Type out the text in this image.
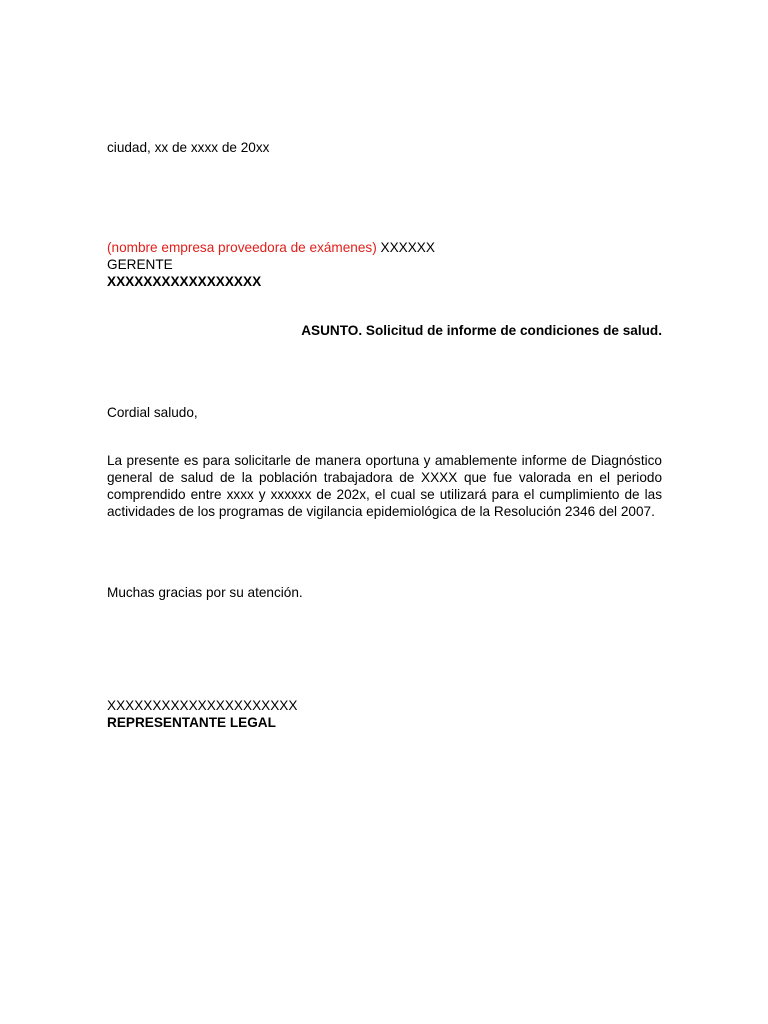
ciudad, xx de xxxx de 20xx
(nombre empresa proveedora de exámenes) XXXXXX
GERENTE
XXXXXXXXXXXXXXXXX
ASUNTO. Solicitud de informe de condiciones de salud.
Cordial saludo,
La presente es para solicitarle de manera oportuna y amablemente informe de Diagnóstico general de salud de la población trabajadora de XXXX que fue valorada en el periodo comprendido entre xxxx y xxxxxx de 202x, el cual se utilizará para el cumplimiento de las actividades de los programas de vigilancia epidemiológica de la Resolución 2346 del 2007.
Muchas gracias por su atención.
XXXXXXXXXXXXXXXXXXXXX
REPRESENTANTE LEGAL
